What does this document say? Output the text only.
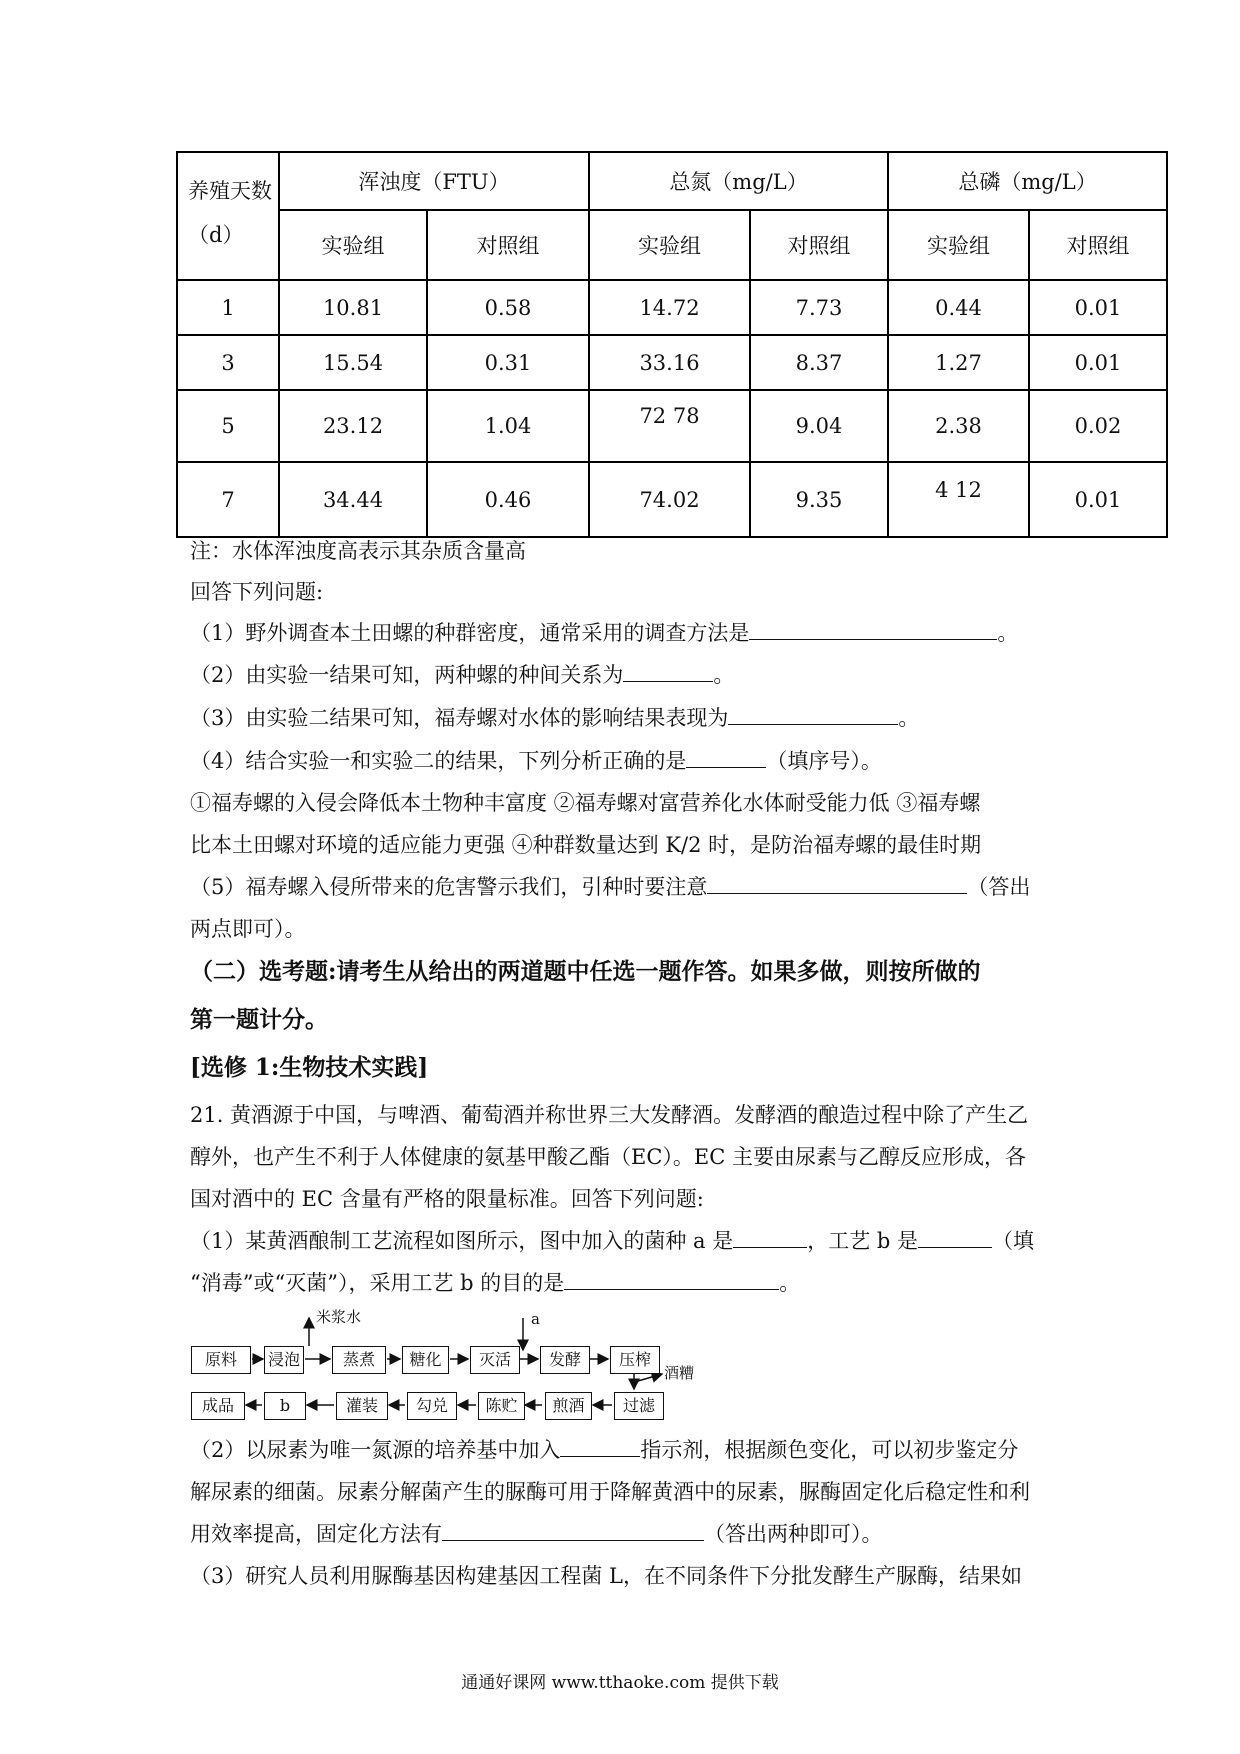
养殖天数（d）	浑浊度（FTU）		总氮（mg/L）		总磷（mg/L）	
	实验组	对照组	实验组	对照组	实验组	对照组
1	10.81	0.58	14.72	7.73	0.44	0.01
3	15.54	0.31	33.16	8.37	1.27	0.01
5	23.12	1.04	72 78	9.04	2.38	0.02
7	34.44	0.46	74.02	9.35	4 12	0.01
注：水体浑浊度高表示其杂质含量高
回答下列问题:
（1）野外调查本土田螺的种群密度，通常采用的调查方法是	。
（2）由实验一结果可知，两种螺的种间关系为	。
（3）由实验二结果可知，福寿螺对水体的影响结果表现为	。
（4）结合实验一和实验二的结果，下列分析正确的是	（填序号）。
①福寿螺的入侵会降低本土物种丰富度 ②福寿螺对富营养化水体耐受能力低 ③福寿螺
比本土田螺对环境的适应能力更强 ④种群数量达到 K/2 时，是防治福寿螺的最佳时期
（5）福寿螺入侵所带来的危害警示我们，引种时要注意	（答出
两点即可）。
（二）选考题:请考生从给出的两道题中任选一题作答。如果多做，则按所做的
第一题计分。
[选修 1:生物技术实践]
21. 黄酒源于中国，与啤酒、葡萄酒并称世界三大发酵酒。发酵酒的酿造过程中除了产生乙
醇外，也产生不利于人体健康的氨基甲酸乙酯（EC）。EC 主要由尿素与乙醇反应形成，各
国对酒中的 EC 含量有严格的限量标准。回答下列问题:
（1）某黄酒酿制工艺流程如图所示，图中加入的菌种 a 是	，工艺 b 是	（填
“消毒”或“灭菌”），采用工艺 b 的目的是	。
原料	浸泡	蒸煮	糖化	灭活	发酵	压榨
成品	b	灌装	勾兑	陈贮	煎酒	过滤
米浆水	a
酒糟
（2）以尿素为唯一氮源的培养基中加入	指示剂，根据颜色变化，可以初步鉴定分
解尿素的细菌。尿素分解菌产生的脲酶可用于降解黄酒中的尿素，脲酶固定化后稳定性和利
用效率提高，固定化方法有	（答出两种即可）。
（3）研究人员利用脲酶基因构建基因工程菌 L，在不同条件下分批发酵生产脲酶，结果如
通通好课网 www.tthaoke.com 提供下载
